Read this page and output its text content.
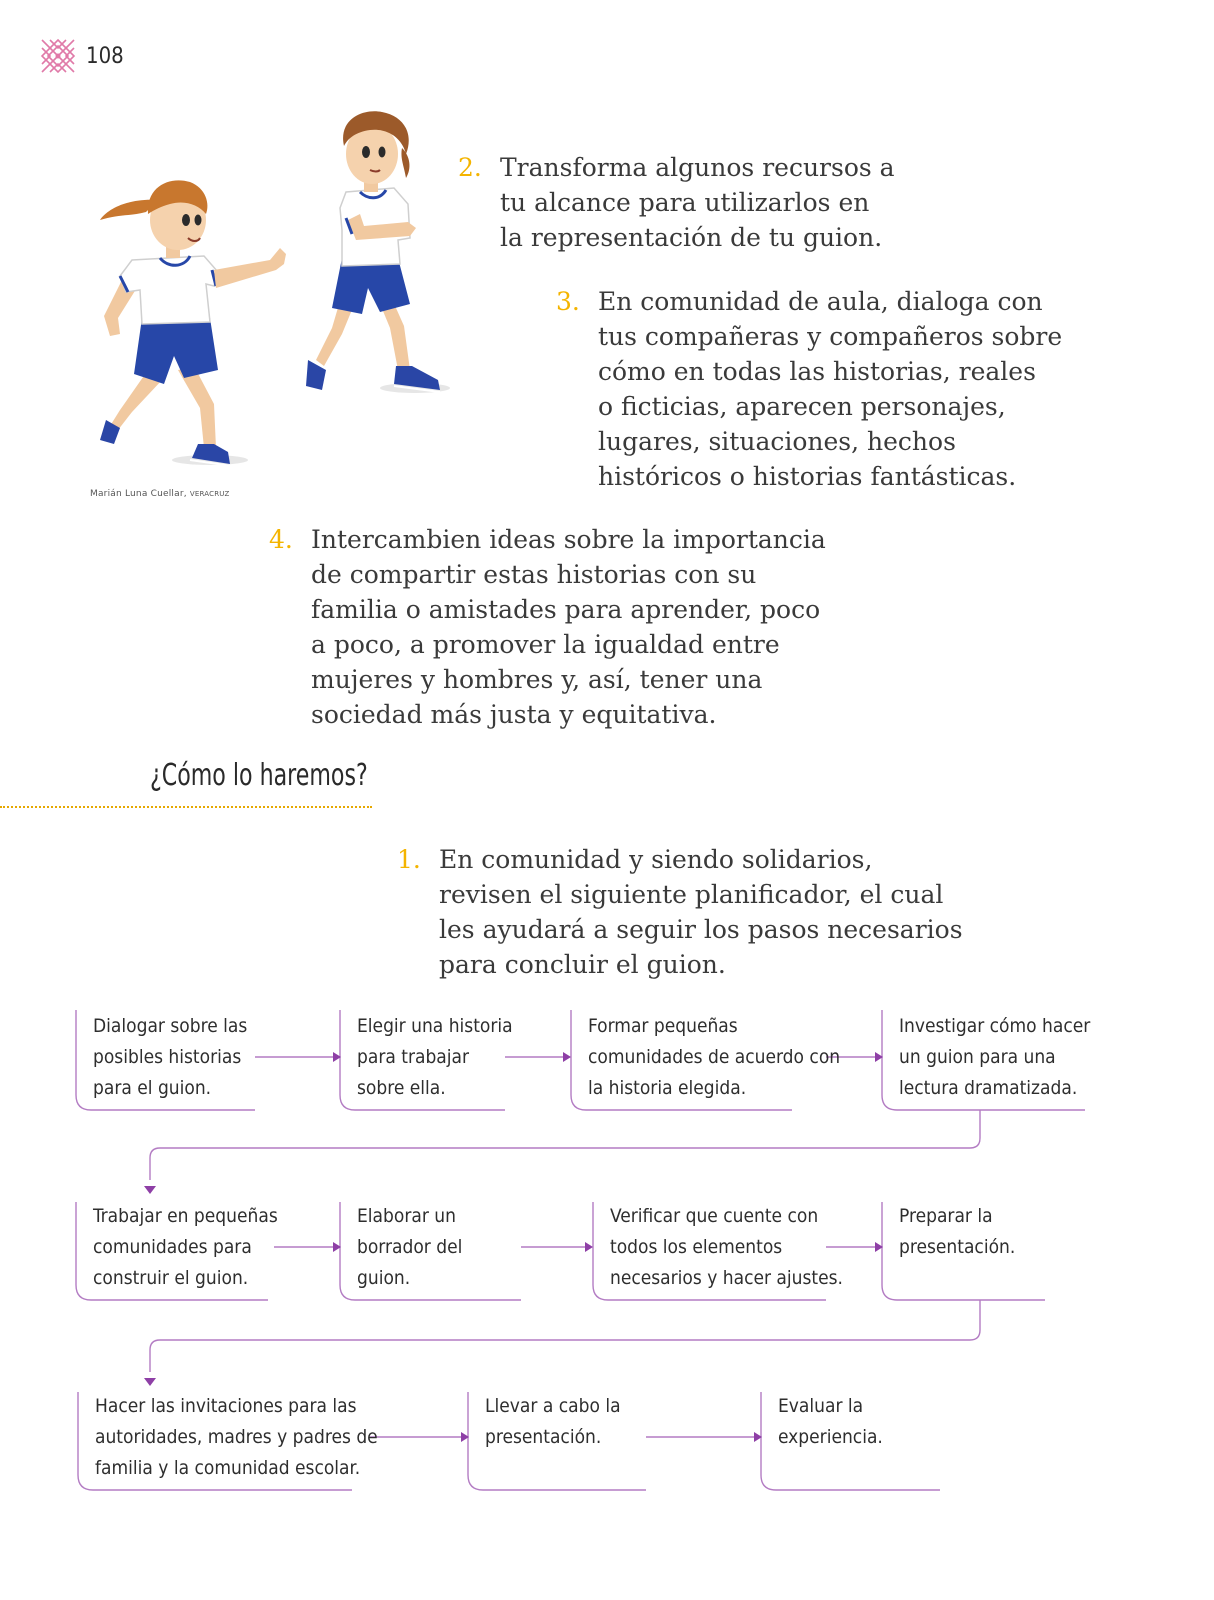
108
Marián Luna Cuellar, VERACRUZ
2. Transforma algunos recursos a
tu alcance para utilizarlos en
la representación de tu guion.
3. En comunidad de aula, dialoga con
tus compañeras y compañeros sobre
cómo en todas las historias, reales
o ficticias, aparecen personajes,
lugares, situaciones, hechos
históricos o historias fantásticas.
4. Intercambien ideas sobre la importancia
de compartir estas historias con su
familia o amistades para aprender, poco
a poco, a promover la igualdad entre
mujeres y hombres y, así, tener una
sociedad más justa y equitativa.
¿Cómo lo haremos?
1. En comunidad y siendo solidarios,
revisen el siguiente planificador, el cual
les ayudará a seguir los pasos necesarios
para concluir el guion.
Dialogar sobre las
posibles historias
para el guion.
Elegir una historia
para trabajar
sobre ella.
Formar pequeñas
comunidades de acuerdo con
la historia elegida.
Investigar cómo hacer
un guion para una
lectura dramatizada.
Trabajar en pequeñas
comunidades para
construir el guion.
Elaborar un
borrador del
guion.
Verificar que cuente con
todos los elementos
necesarios y hacer ajustes.
Preparar la
presentación.
Hacer las invitaciones para las
autoridades, madres y padres de
familia y la comunidad escolar.
Llevar a cabo la
presentación.
Evaluar la
experiencia.
